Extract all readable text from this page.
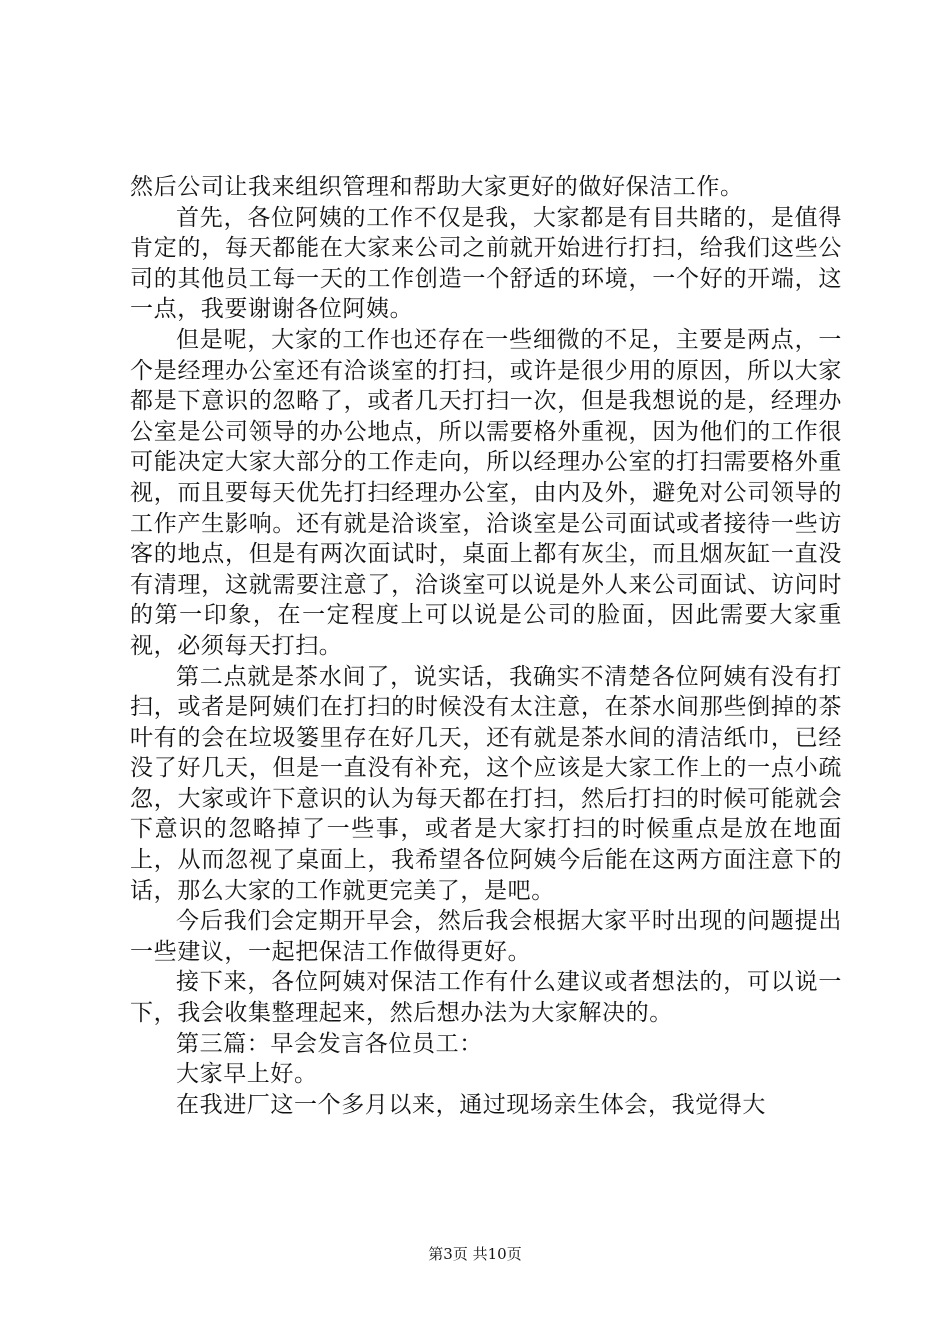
然后公司让我来组织管理和帮助大家更好的做好保洁工作。

首先，各位阿姨的工作不仅是我，大家都是有目共睹的，是值得肯定的，每天都能在大家来公司之前就开始进行打扫，给我们这些公司的其他员工每一天的工作创造一个舒适的环境，一个好的开端，这一点，我要谢谢各位阿姨。

但是呢，大家的工作也还存在一些细微的不足，主要是两点，一个是经理办公室还有洽谈室的打扫，或许是很少用的原因，所以大家都是下意识的忽略了，或者几天打扫一次，但是我想说的是，经理办公室是公司领导的办公地点，所以需要格外重视，因为他们的工作很可能决定大家大部分的工作走向，所以经理办公室的打扫需要格外重视，而且要每天优先打扫经理办公室，由内及外，避免对公司领导的工作产生影响。还有就是洽谈室，洽谈室是公司面试或者接待一些访客的地点，但是有两次面试时，桌面上都有灰尘，而且烟灰缸一直没有清理，这就需要注意了，洽谈室可以说是外人来公司面试、访问时的第一印象，在一定程度上可以说是公司的脸面，因此需要大家重视，必须每天打扫。

第二点就是茶水间了，说实话，我确实不清楚各位阿姨有没有打扫，或者是阿姨们在打扫的时候没有太注意，在茶水间那些倒掉的茶叶有的会在垃圾篓里存在好几天，还有就是茶水间的清洁纸巾，已经没了好几天，但是一直没有补充，这个应该是大家工作上的一点小疏忽，大家或许下意识的认为每天都在打扫，然后打扫的时候可能就会下意识的忽略掉了一些事，或者是大家打扫的时候重点是放在地面上，从而忽视了桌面上，我希望各位阿姨今后能在这两方面注意下的话，那么大家的工作就更完美了，是吧。

今后我们会定期开早会，然后我会根据大家平时出现的问题提出一些建议，一起把保洁工作做得更好。

接下来，各位阿姨对保洁工作有什么建议或者想法的，可以说一下，我会收集整理起来，然后想办法为大家解决的。

第三篇：早会发言各位员工：

大家早上好。

在我进厂这一个多月以来，通过现场亲生体会，我觉得大

第3页 共10页
